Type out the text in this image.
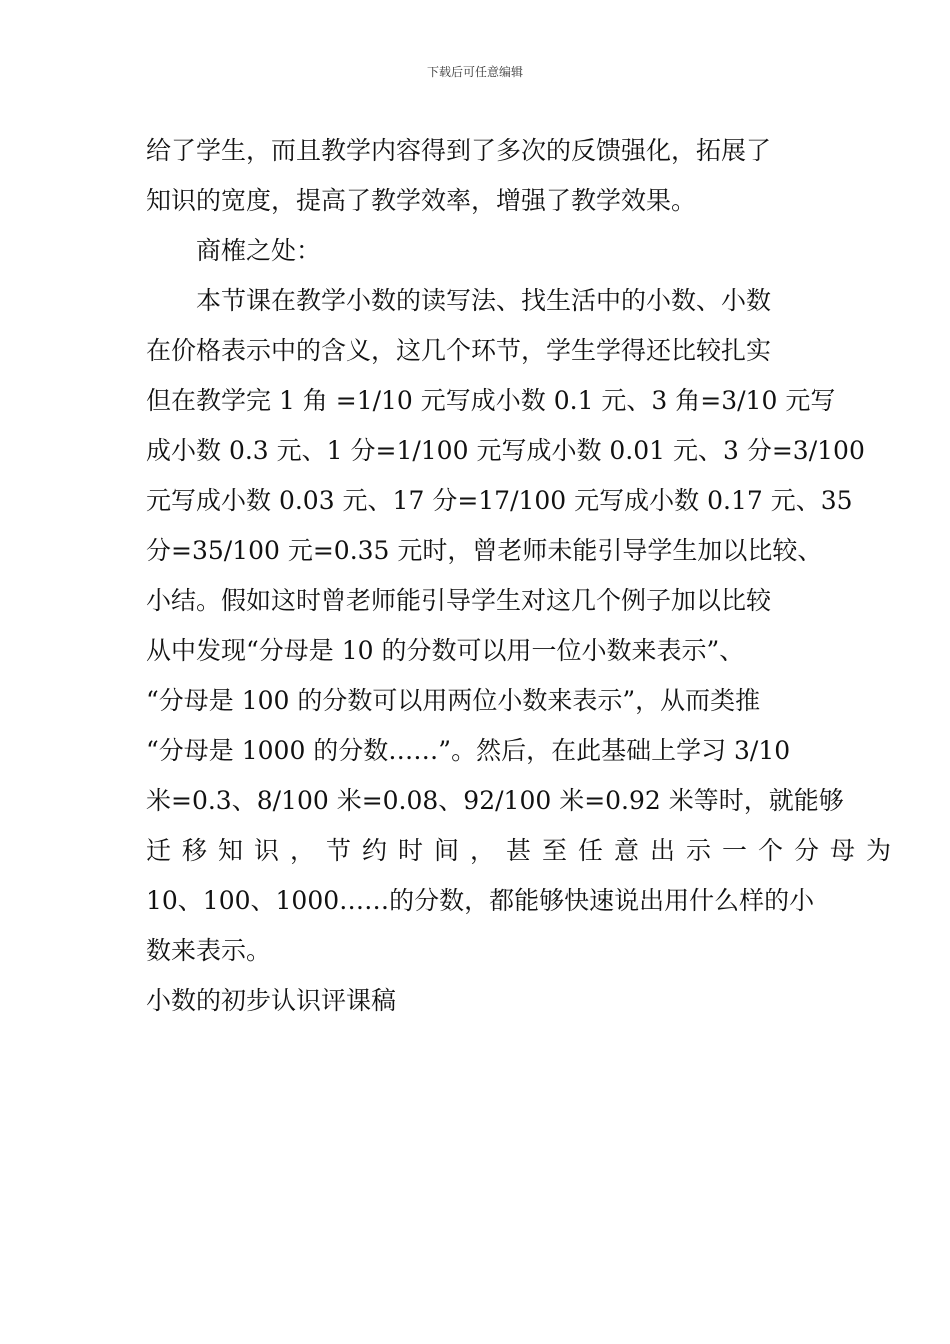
下载后可任意编辑
给了学生，而且教学内容得到了多次的反馈强化，拓展了
知识的宽度，提高了教学效率，增强了教学效果。
商榷之处：
本节课在教学小数的读写法、找生活中的小数、小数
在价格表示中的含义，这几个环节，学生学得还比较扎实
但在教学完 1 角 =1/10 元写成小数 0.1 元、3 角=3/10 元写
成小数 0.3 元、1 分=1/100 元写成小数 0.01 元、3 分=3/100
元写成小数 0.03 元、17 分=17/100 元写成小数 0.17 元、35
分=35/100 元=0.35 元时，曾老师未能引导学生加以比较、
小结。假如这时曾老师能引导学生对这几个例子加以比较
从中发现“分母是 10 的分数可以用一位小数来表示”、
“分母是 100 的分数可以用两位小数来表示”，从而类推
“分母是 1000 的分数……”。然后，在此基础上学习 3/10
米=0.3、8/100 米=0.08、92/100 米=0.92 米等时，就能够
迁移知识，节约时间，甚至任意出示一个分母为
10、100、1000……的分数，都能够快速说出用什么样的小
数来表示。
小数的初步认识评课稿
